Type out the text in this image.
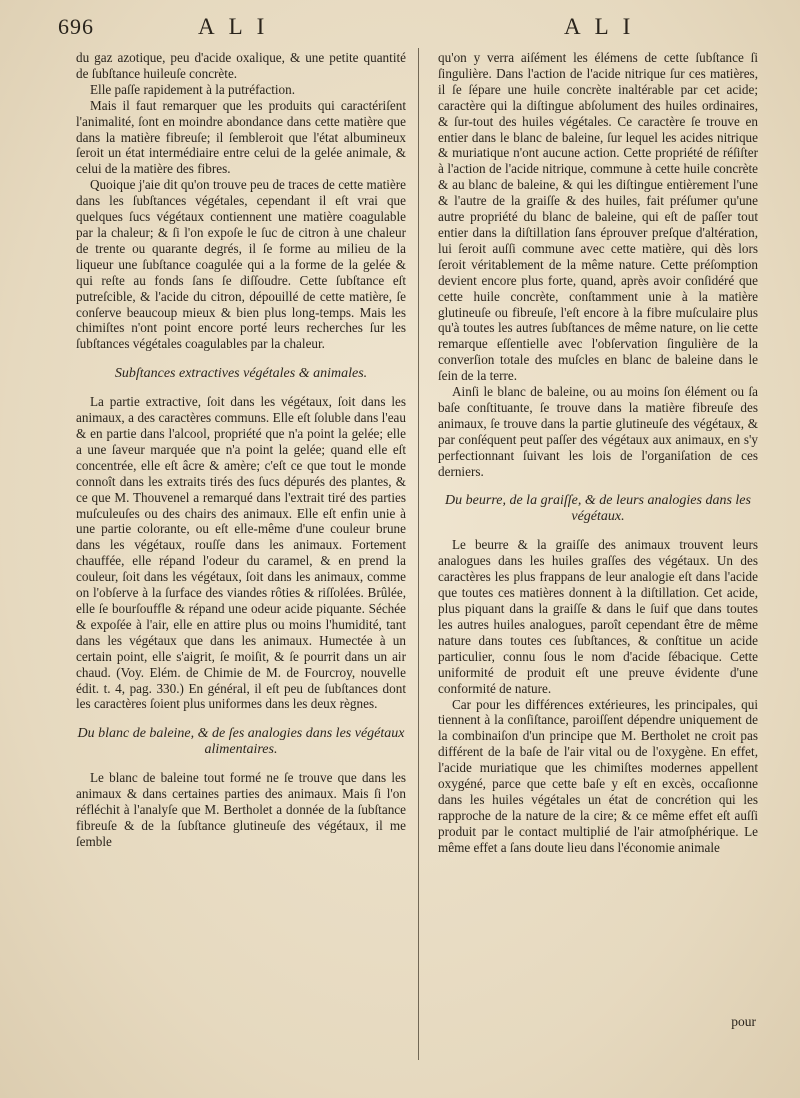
696	ALI	ALI

du gaz azotique, peu d'acide oxalique, & une petite quantité de ſubſtance huileuſe concrète.

Elle paſſe rapidement à la putréfaction.

Mais il faut remarquer que les produits qui caractériſent l'animalité, ſont en moindre abondance dans cette matière que dans la matière fibreuſe; il ſembleroit que l'état albumineux ſeroit un état intermédiaire entre celui de la gelée animale, & celui de la matière des fibres.

Quoique j'aie dit qu'on trouve peu de traces de cette matière dans les ſubſtances végétales, cependant il eſt vrai que quelques ſucs végétaux contiennent une matière coagulable par la chaleur; & ſi l'on expoſe le ſuc de citron à une chaleur de trente ou quarante degrés, il ſe forme au milieu de la liqueur une ſubſtance coagulée qui a la forme de la gelée & qui reſte au fonds ſans ſe diſſoudre. Cette ſubſtance eſt putreſcible, & l'acide du citron, dépouillé de cette matière, ſe conſerve beaucoup mieux & bien plus long-temps. Mais les chimiſtes n'ont point encore porté leurs recherches ſur les ſubſtances végétales coagulables par la chaleur.

Subſtances extractives végétales & animales.

La partie extractive, ſoit dans les végétaux, ſoit dans les animaux, a des caractères communs. Elle eſt ſoluble dans l'eau & en partie dans l'alcool, propriété que n'a point la gelée; elle a une ſaveur marquée que n'a point la gelée; quand elle eſt concentrée, elle eſt âcre & amère; c'eſt ce que tout le monde connoît dans les extraits tirés des ſucs dépurés des plantes, & ce que M. Thouvenel a remarqué dans l'extrait tiré des parties muſculeuſes ou des chairs des animaux. Elle eſt enfin unie à une partie colorante, ou eſt elle-même d'une couleur brune dans les végétaux, rouſſe dans les animaux. Fortement chauffée, elle répand l'odeur du caramel, & en prend la couleur, ſoit dans les végétaux, ſoit dans les animaux, comme on l'obſerve à la ſurface des viandes rôties & riſſolées. Brûlée, elle ſe bourſouffle & répand une odeur acide piquante. Séchée & expoſée à l'air, elle en attire plus ou moins l'humidité, tant dans les végétaux que dans les animaux. Humectée à un certain point, elle s'aigrit, ſe moiſit, & ſe pourrit dans un air chaud. (Voy. Elém. de Chimie de M. de Fourcroy, nouvelle édit. t. 4, pag. 330.) En général, il eſt peu de ſubſtances dont les caractères ſoient plus uniformes dans les deux règnes.

Du blanc de baleine, & de ſes analogies dans les végétaux alimentaires.

Le blanc de baleine tout formé ne ſe trouve que dans les animaux & dans certaines parties des animaux. Mais ſi l'on réfléchit à l'analyſe que M. Bertholet a donnée de la ſubſtance fibreuſe & de la ſubſtance glutineuſe des végétaux, il me ſemble

qu'on y verra aiſément les élémens de cette ſubſtance ſi ſingulière. Dans l'action de l'acide nitrique ſur ces matières, il ſe ſépare une huile concrète inaltérable par cet acide; caractère qui la diſtingue abſolument des huiles ordinaires, & ſur-tout des huiles végétales. Ce caractère ſe trouve en entier dans le blanc de baleine, ſur lequel les acides nitrique & muriatique n'ont aucune action. Cette propriété de réſiſter à l'action de l'acide nitrique, commune à cette huile concrète & au blanc de baleine, & qui les diſtingue entièrement l'une & l'autre de la graiſſe & des huiles, fait préſumer qu'une autre propriété du blanc de baleine, qui eſt de paſſer tout entier dans la diſtillation ſans éprouver preſque d'altération, lui ſeroit auſſi commune avec cette matière, qui dès lors ſeroit véritablement de la même nature. Cette préſomption devient encore plus forte, quand, après avoir conſidéré que cette huile concrète, conſtamment unie à la matière glutineuſe ou fibreuſe, l'eſt encore à la fibre muſculaire plus qu'à toutes les autres ſubſtances de même nature, on lie cette remarque eſſentielle avec l'obſervation ſingulière de la converſion totale des muſcles en blanc de baleine dans le ſein de la terre.

Ainſi le blanc de baleine, ou au moins ſon élément ou ſa baſe conſtituante, ſe trouve dans la matière fibreuſe des animaux, ſe trouve dans la partie glutineuſe des végétaux, & par conſéquent peut paſſer des végétaux aux animaux, en s'y perfectionnant ſuivant les lois de l'organiſation de ces derniers.

Du beurre, de la graiſſe, & de leurs analogies dans les végétaux.

Le beurre & la graiſſe des animaux trouvent leurs analogues dans les huiles graſſes des végétaux. Un des caractères les plus frappans de leur analogie eſt dans l'acide que toutes ces matières donnent à la diſtillation. Cet acide, plus piquant dans la graiſſe & dans le ſuif que dans toutes les autres huiles analogues, paroît cependant être de même nature dans toutes ces ſubſtances, & conſtitue un acide particulier, connu ſous le nom d'acide ſébacique. Cette uniformité de produit eſt une preuve évidente d'une conformité de nature.

Car pour les différences extérieures, les principales, qui tiennent à la conſiſtance, paroiſſent dépendre uniquement de la combinaiſon d'un principe que M. Bertholet ne croit pas différent de la baſe de l'air vital ou de l'oxygène. En effet, l'acide muriatique que les chimiſtes modernes appellent oxygéné, parce que cette baſe y eſt en excès, occaſionne dans les huiles végétales un état de concrétion qui les rapproche de la nature de la cire; & ce même effet eſt auſſi produit par le contact multiplié de l'air atmoſphérique. Le même effet a ſans doute lieu dans l'économie animale

pour
